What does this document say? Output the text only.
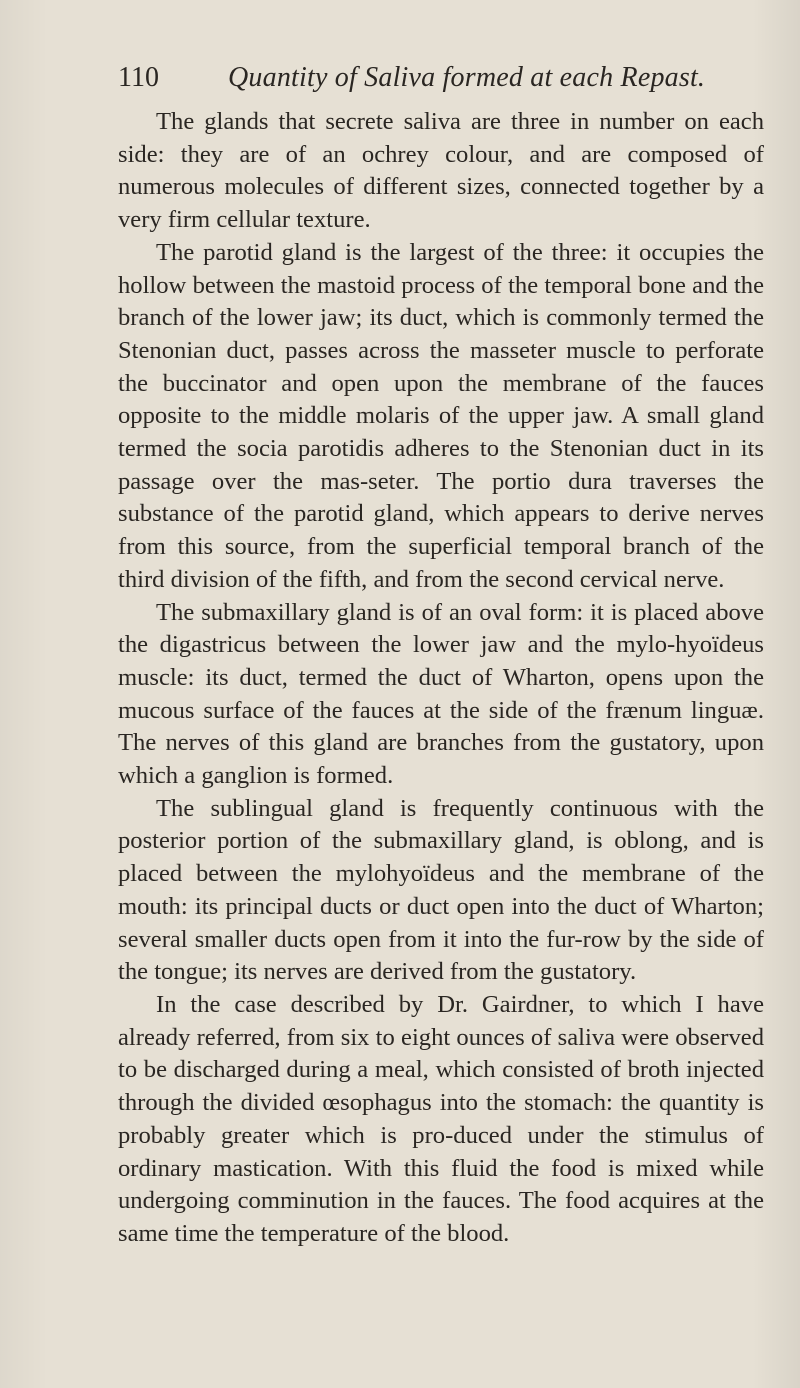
110 Quantity of Saliva formed at each Repast.

The glands that secrete saliva are three in number on each side: they are of an ochrey colour, and are composed of numerous molecules of different sizes, connected together by a very firm cellular texture.

The parotid gland is the largest of the three: it occupies the hollow between the mastoid process of the temporal bone and the branch of the lower jaw; its duct, which is commonly termed the Stenonian duct, passes across the masseter muscle to perforate the buccinator and open upon the membrane of the fauces opposite to the middle molaris of the upper jaw. A small gland termed the socia parotidis adheres to the Stenonian duct in its passage over the mas-seter. The portio dura traverses the substance of the parotid gland, which appears to derive nerves from this source, from the superficial temporal branch of the third division of the fifth, and from the second cervical nerve.

The submaxillary gland is of an oval form: it is placed above the digastricus between the lower jaw and the mylo-hyoïdeus muscle: its duct, termed the duct of Wharton, opens upon the mucous surface of the fauces at the side of the frænum linguæ. The nerves of this gland are branches from the gustatory, upon which a ganglion is formed.

The sublingual gland is frequently continuous with the posterior portion of the submaxillary gland, is oblong, and is placed between the mylohyoïdeus and the membrane of the mouth: its principal ducts or duct open into the duct of Wharton; several smaller ducts open from it into the fur-row by the side of the tongue; its nerves are derived from the gustatory.

In the case described by Dr. Gairdner, to which I have already referred, from six to eight ounces of saliva were observed to be discharged during a meal, which consisted of broth injected through the divided œsophagus into the stomach: the quantity is probably greater which is pro-duced under the stimulus of ordinary mastication. With this fluid the food is mixed while undergoing comminution in the fauces. The food acquires at the same time the temperature of the blood.
